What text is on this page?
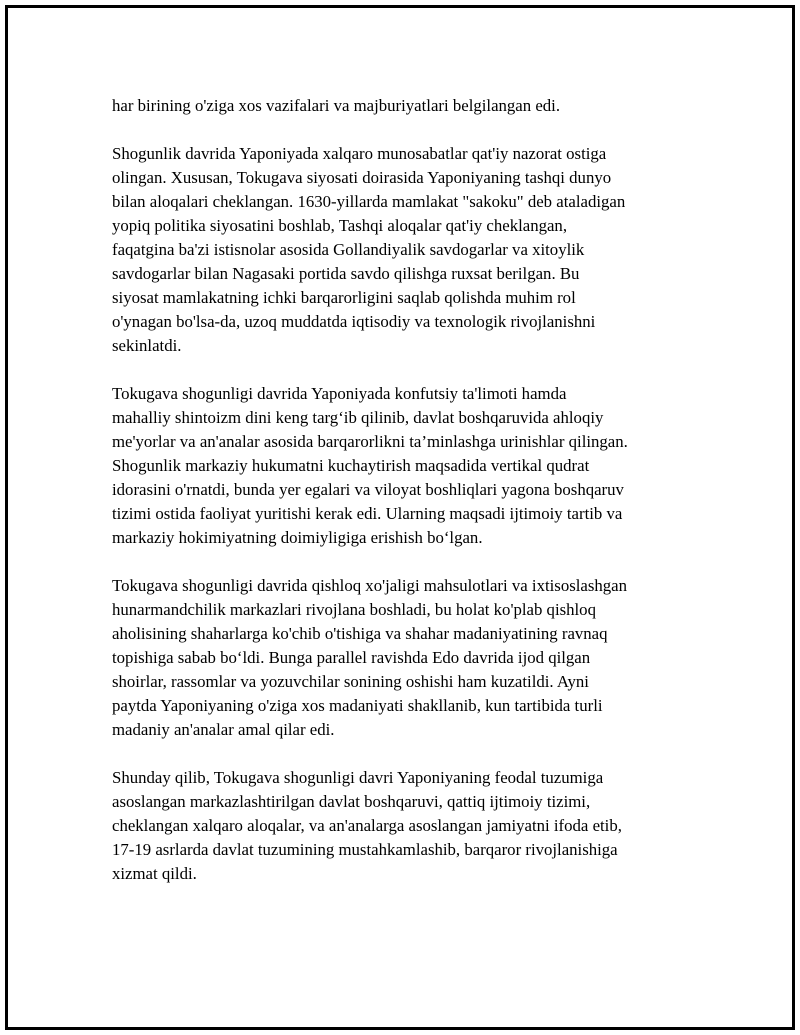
har birining o'ziga xos vazifalari va majburiyatlari belgilangan edi.

Shogunlik davrida Yaponiyada xalqaro munosabatlar qat'iy nazorat ostiga
olingan. Xususan, Tokugava siyosati doirasida Yaponiyaning tashqi dunyo
bilan aloqalari cheklangan. 1630-yillarda mamlakat "sakoku" deb ataladigan
yopiq politika siyosatini boshlab, Tashqi aloqalar qat'iy cheklangan,
faqatgina ba'zi istisnolar asosida Gollandiyalik savdogarlar va xitoylik
savdogarlar bilan Nagasaki portida savdo qilishga ruxsat berilgan. Bu
siyosat mamlakatning ichki barqarorligini saqlab qolishda muhim rol
o'ynagan bo'lsa-da, uzoq muddatda iqtisodiy va texnologik rivojlanishni
sekinlatdi.

Tokugava shogunligi davrida Yaponiyada konfutsiy ta'limoti hamda
mahalliy shintoizm dini keng targ‘ib qilinib, davlat boshqaruvida ahloqiy
me'yorlar va an'analar asosida barqarorlikni ta’minlashga urinishlar qilingan.
Shogunlik markaziy hukumatni kuchaytirish maqsadida vertikal qudrat
idorasini o'rnatdi, bunda yer egalari va viloyat boshliqlari yagona boshqaruv
tizimi ostida faoliyat yuritishi kerak edi. Ularning maqsadi ijtimoiy tartib va
markaziy hokimiyatning doimiyligiga erishish bo‘lgan.

Tokugava shogunligi davrida qishloq xo'jaligi mahsulotlari va ixtisoslashgan
hunarmandchilik markazlari rivojlana boshladi, bu holat ko'plab qishloq
aholisining shaharlarga ko'chib o'tishiga va shahar madaniyatining ravnaq
topishiga sabab bo‘ldi. Bunga parallel ravishda Edo davrida ijod qilgan
shoirlar, rassomlar va yozuvchilar sonining oshishi ham kuzatildi. Ayni
paytda Yaponiyaning o'ziga xos madaniyati shakllanib, kun tartibida turli
madaniy an'analar amal qilar edi.

Shunday qilib, Tokugava shogunligi davri Yaponiyaning feodal tuzumiga
asoslangan markazlashtirilgan davlat boshqaruvi, qattiq ijtimoiy tizimi,
cheklangan xalqaro aloqalar, va an'analarga asoslangan jamiyatni ifoda etib,
17-19 asrlarda davlat tuzumining mustahkamlashib, barqaror rivojlanishiga
xizmat qildi.
